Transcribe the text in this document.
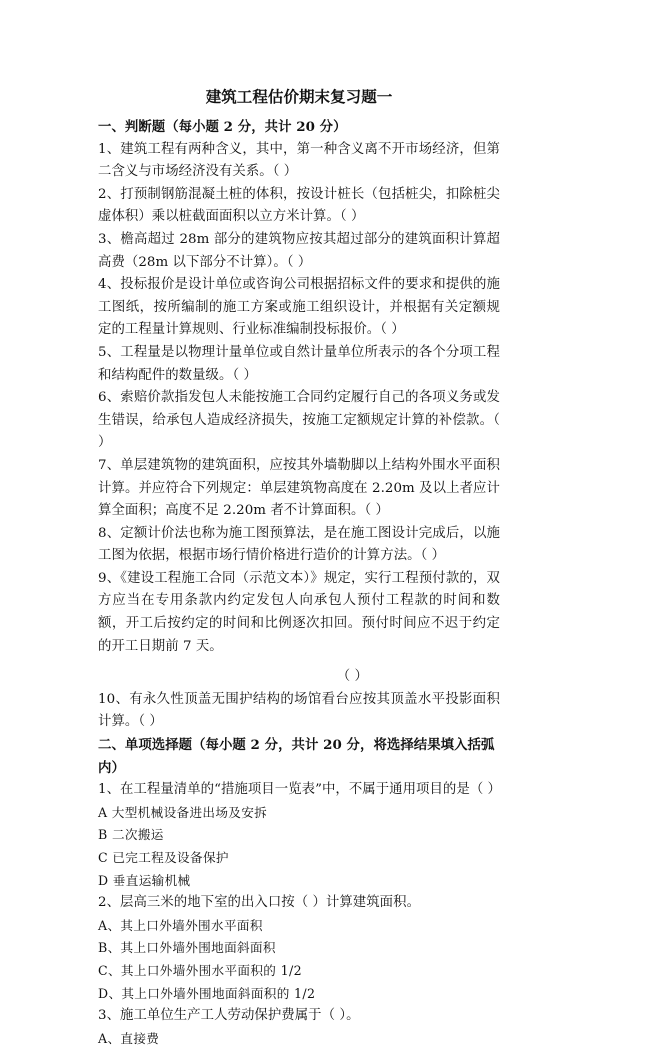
建筑工程估价期末复习题一
一、判断题（每小题 2 分，共计 20 分）

1、建筑工程有两种含义，其中，第一种含义离不开市场经济，但第二含义与市场经济没有关系。（ ）

2、打预制钢筋混凝土桩的体积，按设计桩长（包括桩尖，扣除桩尖虚体积）乘以桩截面面积以立方米计算。（ ）

3、檐高超过 28m 部分的建筑物应按其超过部分的建筑面积计算超高费（28m 以下部分不计算）。（ ）

4、投标报价是设计单位或咨询公司根据招标文件的要求和提供的施工图纸，按所编制的施工方案或施工组织设计，并根据有关定额规定的工程量计算规则、行业标准编制投标报价。（ ）

5、工程量是以物理计量单位或自然计量单位所表示的各个分项工程和结构配件的数量级。（ ）

6、索赔价款指发包人未能按施工合同约定履行自己的各项义务或发生错误，给承包人造成经济损失，按施工定额规定计算的补偿款。（ ）

7、单层建筑物的建筑面积，应按其外墙勒脚以上结构外围水平面积计算。并应符合下列规定：单层建筑物高度在 2.20m 及以上者应计算全面积；高度不足 2.20m 者不计算面积。（ ）

8、定额计价法也称为施工图预算法，是在施工图设计完成后，以施工图为依据，根据市场行情价格进行造价的计算方法。（ ）

9、《建设工程施工合同（示范文本）》规定，实行工程预付款的，双方应当在专用条款内约定发包人向承包人预付工程款的时间和数额，开工后按约定的时间和比例逐次扣回。预付时间应不迟于约定的开工日期前 7 天。

（ ）

10、有永久性顶盖无围护结构的场馆看台应按其顶盖水平投影面积计算。（ ）

二、单项选择题（每小题 2 分，共计 20 分，将选择结果填入括弧内）

1、在工程量清单的“措施项目一览表”中，不属于通用项目的是（ ）

A 大型机械设备进出场及安拆

B 二次搬运

C 已完工程及设备保护

D 垂直运输机械

2、层高三米的地下室的出入口按（ ）计算建筑面积。

A、其上口外墙外围水平面积

B、其上口外墙外围地面斜面积

C、其上口外墙外围水平面积的 1/2

D、其上口外墙外围地面斜面积的 1/2

3、施工单位生产工人劳动保护费属于（ ）。

A、直接费
